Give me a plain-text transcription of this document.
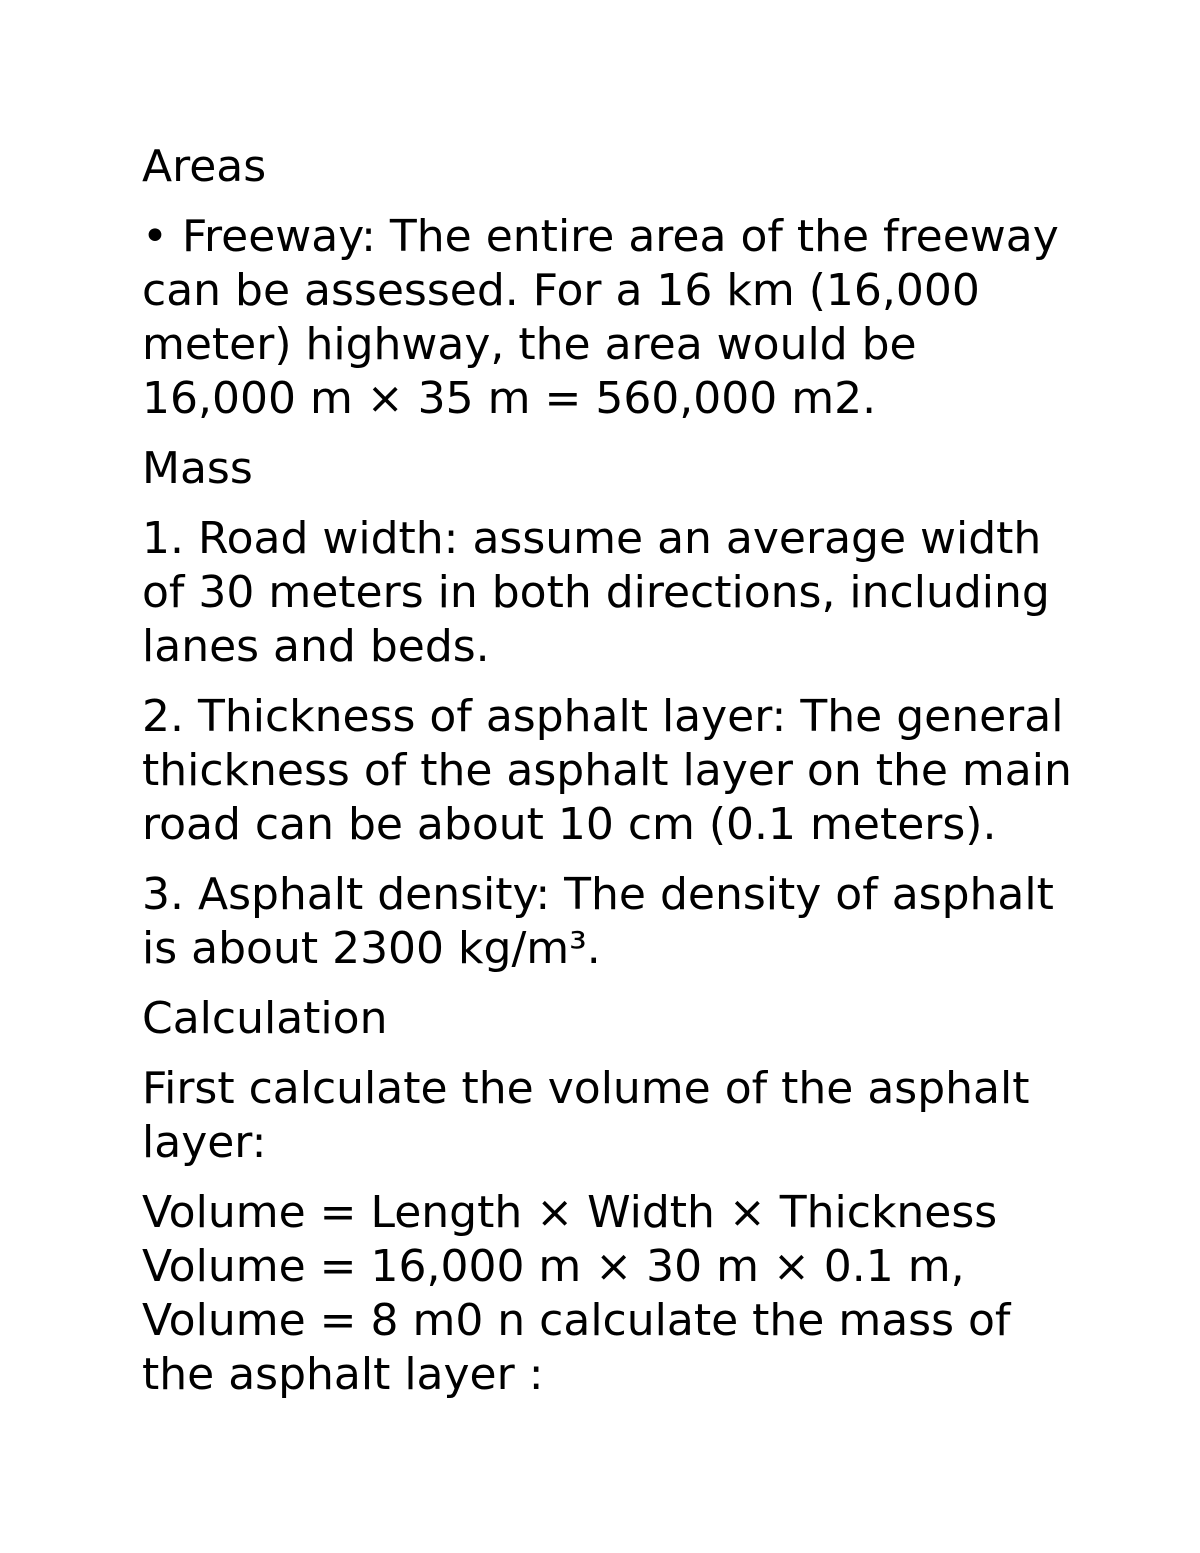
Areas

• Freeway: The entire area of the freeway
can be assessed. For a 16 km (16,000
meter) highway, the area would be
16,000 m × 35 m = 560,000 m2.

Mass

1. Road width: assume an average width
of 30 meters in both directions, including
lanes and beds.

2. Thickness of asphalt layer: The general
thickness of the asphalt layer on the main
road can be about 10 cm (0.1 meters).

3. Asphalt density: The density of asphalt
is about 2300 kg/m³.

Calculation

First calculate the volume of the asphalt
layer:

Volume = Length × Width × Thickness
Volume = 16,000 m × 30 m × 0.1 m,
Volume = 8 m0 n calculate the mass of
the asphalt layer :
